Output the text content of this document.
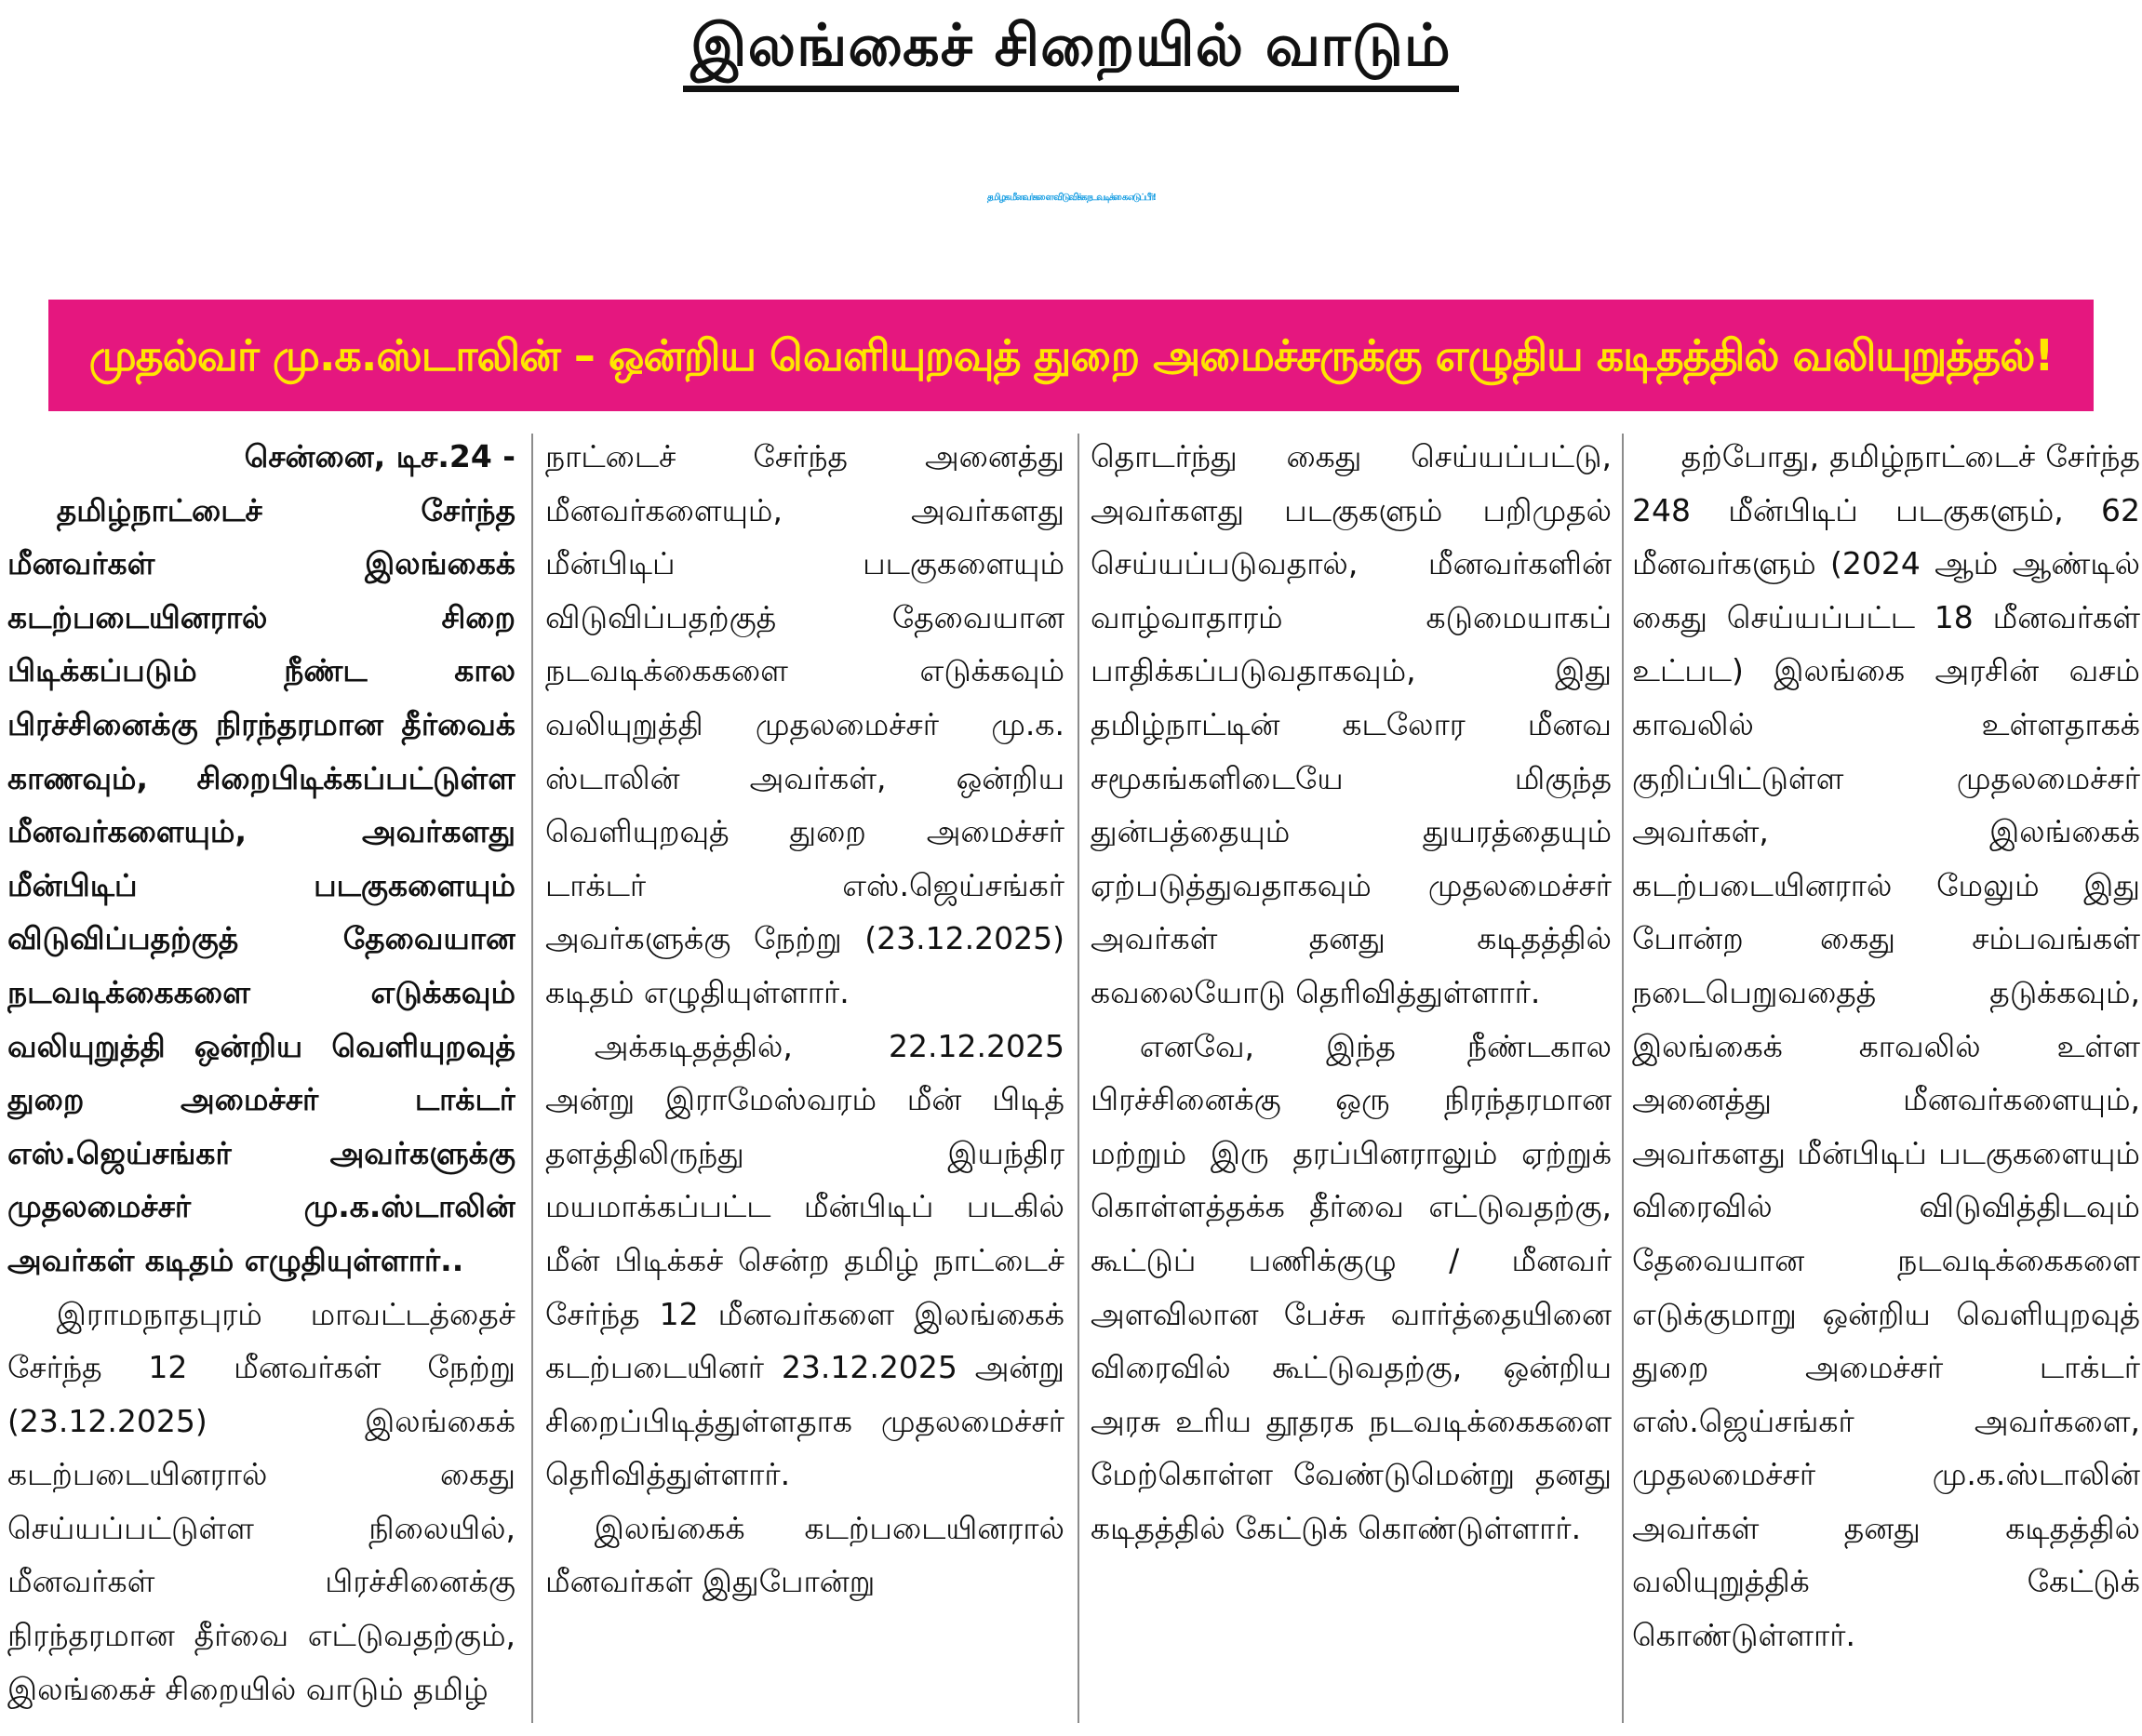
இலங்கைச் சிறையில் வாடும்
தமிழக மீனவர்களை விடுவிக்க நடவடிக்கை எடுப்பீர்!
முதல்வர் மு.க.ஸ்டாலின் – ஒன்றிய வெளியுறவுத் துறை அமைச்சருக்கு எழுதிய கடிதத்தில் வலியுறுத்தல்!

சென்னை, டிச.24 -

தமிழ்நாட்டைச் சேர்ந்த மீனவர்கள் இலங்கைக் கடற்படையினரால் சிறை பிடிக்கப்படும் நீண்ட கால பிரச்சினைக்கு நிரந்தரமான தீர்வைக் காணவும், சிறைபிடிக்கப்பட்டுள்ள மீனவர்களையும், அவர்களது மீன்பிடிப் படகுகளையும் விடுவிப்பதற்குத் தேவையான நடவடிக்கைகளை எடுக்கவும் வலியுறுத்தி ஒன்றிய வெளியுறவுத் துறை அமைச்சர் டாக்டர் எஸ்.ஜெய்சங்கர் அவர்களுக்கு முதலமைச்சர் மு.க.ஸ்டாலின் அவர்கள் கடிதம் எழுதியுள்ளார்..

இராமநாதபுரம் மாவட்டத்தைச் சேர்ந்த 12 மீனவர்கள் நேற்று (23.12.2025) இலங்கைக் கடற்படையினரால் கைது செய்யப்பட்டுள்ள நிலையில், மீனவர்கள் பிரச்சினைக்கு நிரந்தரமான தீர்வை எட்டுவதற்கும், இலங்கைச் சிறையில் வாடும் தமிழ்

நாட்டைச் சேர்ந்த அனைத்து மீனவர்களையும், அவர்களது மீன்பிடிப் படகுகளையும் விடுவிப்பதற்குத் தேவையான நடவடிக்கைகளை எடுக்கவும் வலியுறுத்தி முதலமைச்சர் மு.க. ஸ்டாலின் அவர்கள், ஒன்றிய வெளியுறவுத் துறை அமைச்சர் டாக்டர் எஸ்.ஜெய்சங்கர் அவர்களுக்கு நேற்று (23.12.2025) கடிதம் எழுதியுள்ளார்.

அக்கடிதத்தில், 22.12.2025 அன்று இராமேஸ்வரம் மீன் பிடித் தளத்திலிருந்து இயந்திர மயமாக்கப்பட்ட மீன்பிடிப் படகில் மீன் பிடிக்கச் சென்ற தமிழ் நாட்டைச் சேர்ந்த 12 மீனவர்களை இலங்கைக் கடற்படையினர் 23.12.2025 அன்று சிறைப்பிடித்துள்ளதாக முதலமைச்சர் தெரிவித்துள்ளார்.

இலங்கைக் கடற்படையினரால் மீனவர்கள் இதுபோன்று

தொடர்ந்து கைது செய்யப்பட்டு, அவர்களது படகுகளும் பறிமுதல் செய்யப்படுவதால், மீனவர்களின் வாழ்வாதாரம் கடுமையாகப் பாதிக்கப்படுவதாகவும், இது தமிழ்நாட்டின் கடலோர மீனவ சமூகங்களிடையே மிகுந்த துன்பத்தையும் துயரத்தையும் ஏற்படுத்துவதாகவும் முதலமைச்சர் அவர்கள் தனது கடிதத்தில் கவலையோடு தெரிவித்துள்ளார்.

எனவே, இந்த நீண்டகால பிரச்சினைக்கு ஒரு நிரந்தரமான மற்றும் இரு தரப்பினராலும் ஏற்றுக் கொள்ளத்தக்க தீர்வை எட்டுவதற்கு, கூட்டுப் பணிக்குழு / மீனவர் அளவிலான பேச்சு வார்த்தையினை விரைவில் கூட்டுவதற்கு, ஒன்றிய அரசு உரிய தூதரக நடவடிக்கைகளை மேற்கொள்ள வேண்டுமென்று தனது கடிதத்தில் கேட்டுக் கொண்டுள்ளார்.

தற்போது, தமிழ்நாட்டைச் சேர்ந்த 248 மீன்பிடிப் படகுகளும், 62 மீனவர்களும் (2024 ஆம் ஆண்டில் கைது செய்யப்பட்ட 18 மீனவர்கள் உட்பட) இலங்கை அரசின் வசம் காவலில் உள்ளதாகக் குறிப்பிட்டுள்ள முதலமைச்சர் அவர்கள், இலங்கைக் கடற்படையினரால் மேலும் இது போன்ற கைது சம்பவங்கள் நடைபெறுவதைத் தடுக்கவும், இலங்கைக் காவலில் உள்ள அனைத்து மீனவர்களையும், அவர்களது மீன்பிடிப் படகுகளையும் விரைவில் விடுவித்திடவும் தேவையான நடவடிக்கைகளை எடுக்குமாறு ஒன்றிய வெளியுறவுத் துறை அமைச்சர் டாக்டர் எஸ்.ஜெய்சங்கர் அவர்களை, முதலமைச்சர் மு.க.ஸ்டாலின் அவர்கள் தனது கடிதத்தில் வலியுறுத்திக் கேட்டுக் கொண்டுள்ளார்.
